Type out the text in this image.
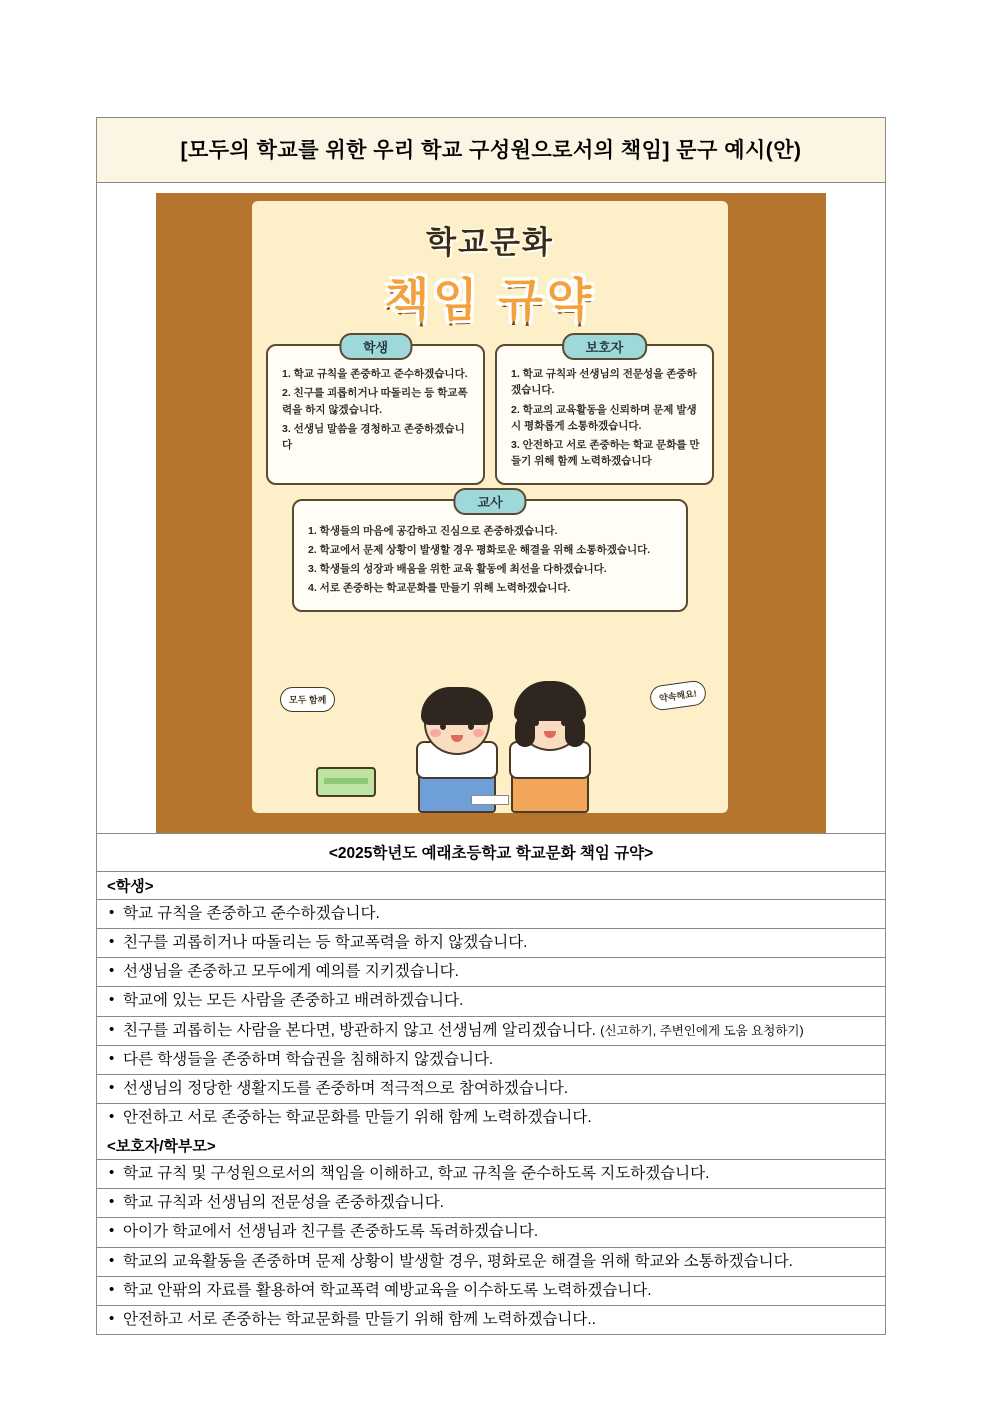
[모두의 학교를 위한 우리 학교 구성원으로서의 책임] 문구 예시(안)
학교문화
책임 규약
학생
1. 학교 규칙을 존중하고 준수하겠습니다.
2. 친구를 괴롭히거나 따돌리는 등 학교폭력을 하지 않겠습니다.
3. 선생님 말씀을 경청하고 존중하겠습니다
보호자
1. 학교 규칙과 선생님의 전문성을 존중하겠습니다.
2. 학교의 교육활동을 신뢰하며 문제 발생 시 평화롭게 소통하겠습니다.
3. 안전하고 서로 존중하는 학교 문화를 만들기 위해 함께 노력하겠습니다
교사
1. 학생들의 마음에 공감하고 진심으로 존중하겠습니다.
2. 학교에서 문제 상황이 발생할 경우 평화로운 해결을 위해 소통하겠습니다.
3. 학생들의 성장과 배움을 위한 교육 활동에 최선을 다하겠습니다.
4. 서로 존중하는 학교문화를 만들기 위해 노력하겠습니다.
모두 함께	약속해요!
<2025학년도 예래초등학교 학교문화 책임 규약>
<학생>
• 학교 규칙을 존중하고 준수하겠습니다.
• 친구를 괴롭히거나 따돌리는 등 학교폭력을 하지 않겠습니다.
• 선생님을 존중하고 모두에게 예의를 지키겠습니다.
• 학교에 있는 모든 사람을 존중하고 배려하겠습니다.
• 친구를 괴롭히는 사람을 본다면, 방관하지 않고 선생님께 알리겠습니다. (신고하기, 주변인에게 도움 요청하기)
• 다른 학생들을 존중하며 학습권을 침해하지 않겠습니다.
• 선생님의 정당한 생활지도를 존중하며 적극적으로 참여하겠습니다.
• 안전하고 서로 존중하는 학교문화를 만들기 위해 함께 노력하겠습니다.
<보호자/학부모>
• 학교 규칙 및 구성원으로서의 책임을 이해하고, 학교 규칙을 준수하도록 지도하겠습니다.
• 학교 규칙과 선생님의 전문성을 존중하겠습니다.
• 아이가 학교에서 선생님과 친구를 존중하도록 독려하겠습니다.
• 학교의 교육활동을 존중하며 문제 상황이 발생할 경우, 평화로운 해결을 위해 학교와 소통하겠습니다.
• 학교 안팎의 자료를 활용하여 학교폭력 예방교육을 이수하도록 노력하겠습니다.
• 안전하고 서로 존중하는 학교문화를 만들기 위해 함께 노력하겠습니다..
